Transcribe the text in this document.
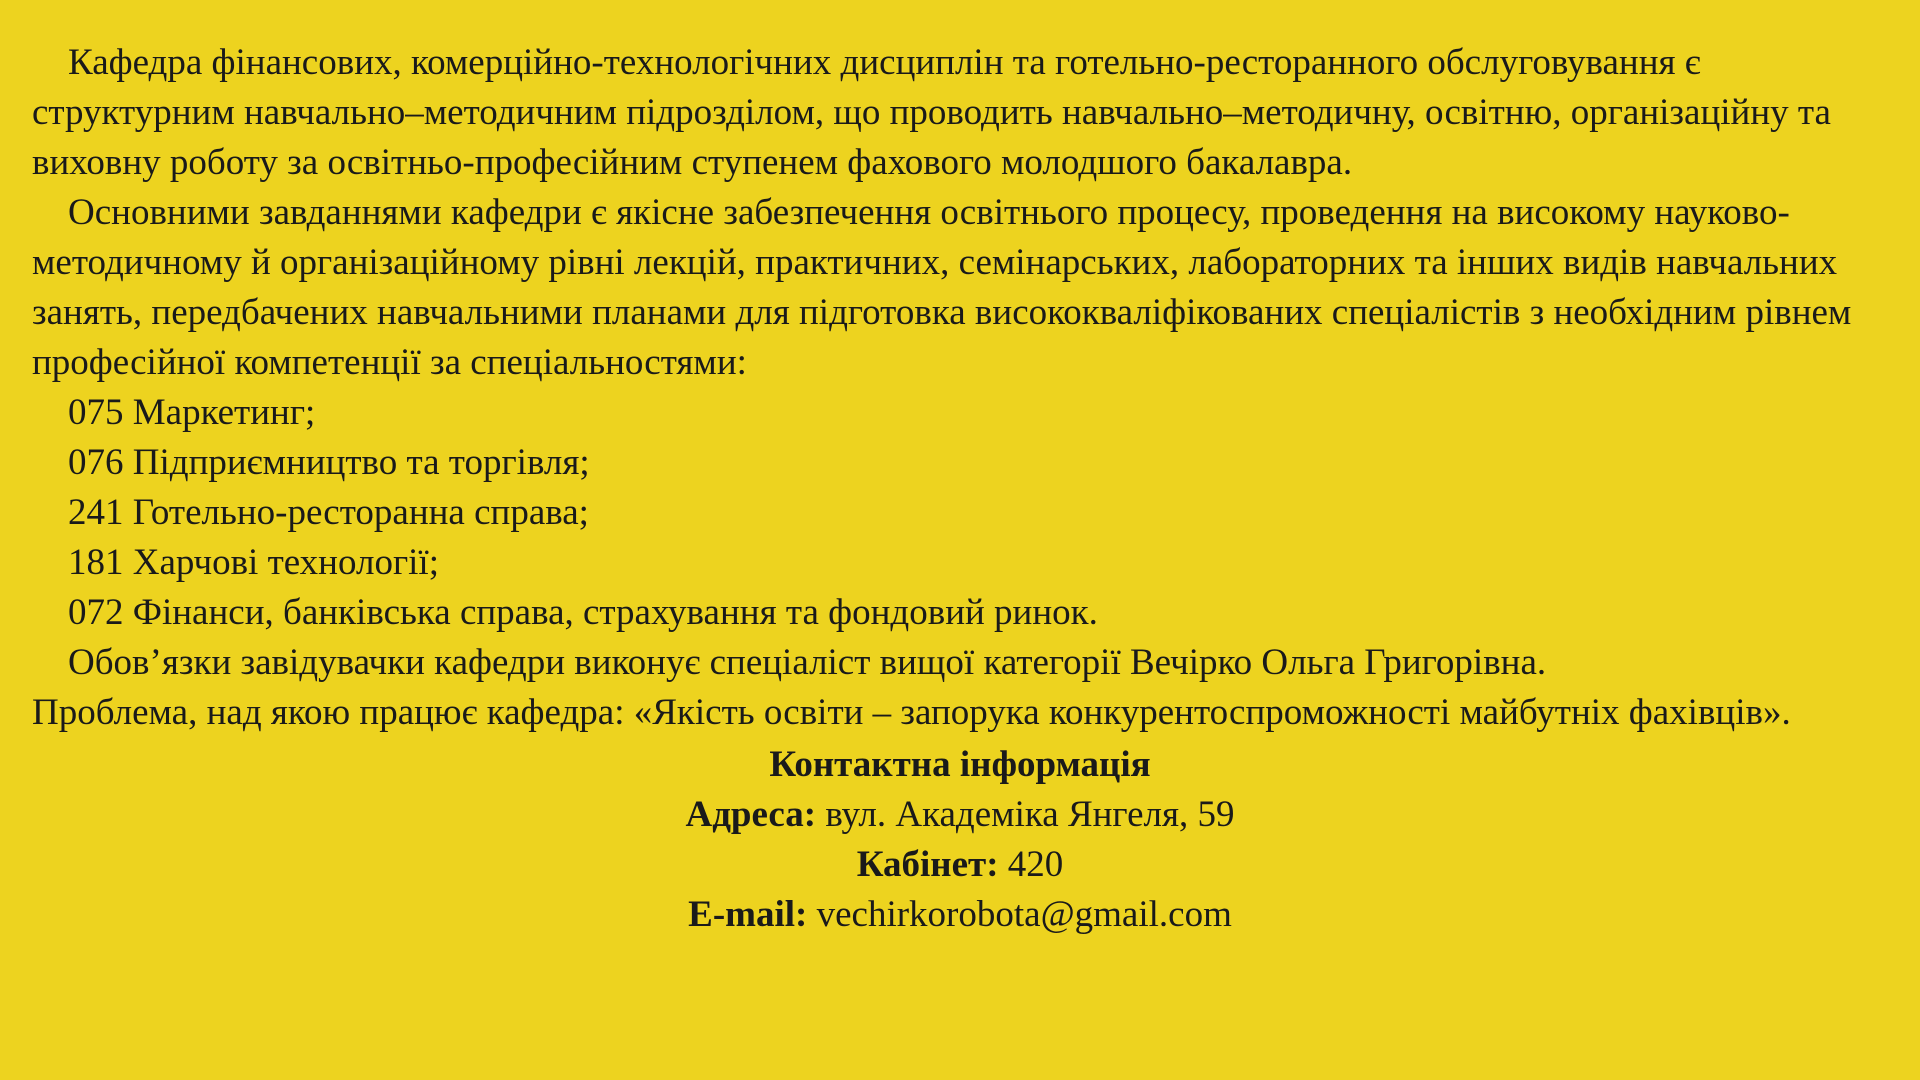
Кафедра фінансових, комерційно-технологічних дисциплін та готельно-ресторанного обслуговування є структурним навчально–методичним підрозділом, що проводить навчально–методичну, освітню, організаційну та виховну роботу за освітньо-професійним ступенем фахового молодшого бакалавра.

Основними завданнями кафедри є якісне забезпечення освітнього процесу, проведення на високому науково-методичному й організаційному рівні лекцій, практичних, семінарських, лабораторних та інших видів навчальних занять, передбачених навчальними планами для підготовка висококваліфікованих спеціалістів з необхідним рівнем професійної компетенції за спеціальностями:

075 Маркетинг;
076 Підприємництво та торгівля;
241 Готельно-ресторанна справа;
181 Харчові технології;
072 Фінанси, банківська справа, страхування та фондовий ринок.

Обов’язки завідувачки кафедри виконує спеціаліст вищої категорії Вечірко Ольга Григорівна.

Проблема, над якою працює кафедра: «Якість освіти – запорука конкурентоспроможності майбутніх фахівців».

Контактна інформація
Адреса: вул. Академіка Янгеля, 59
Кабінет: 420
E-mail: vechirkorobota@gmail.com
